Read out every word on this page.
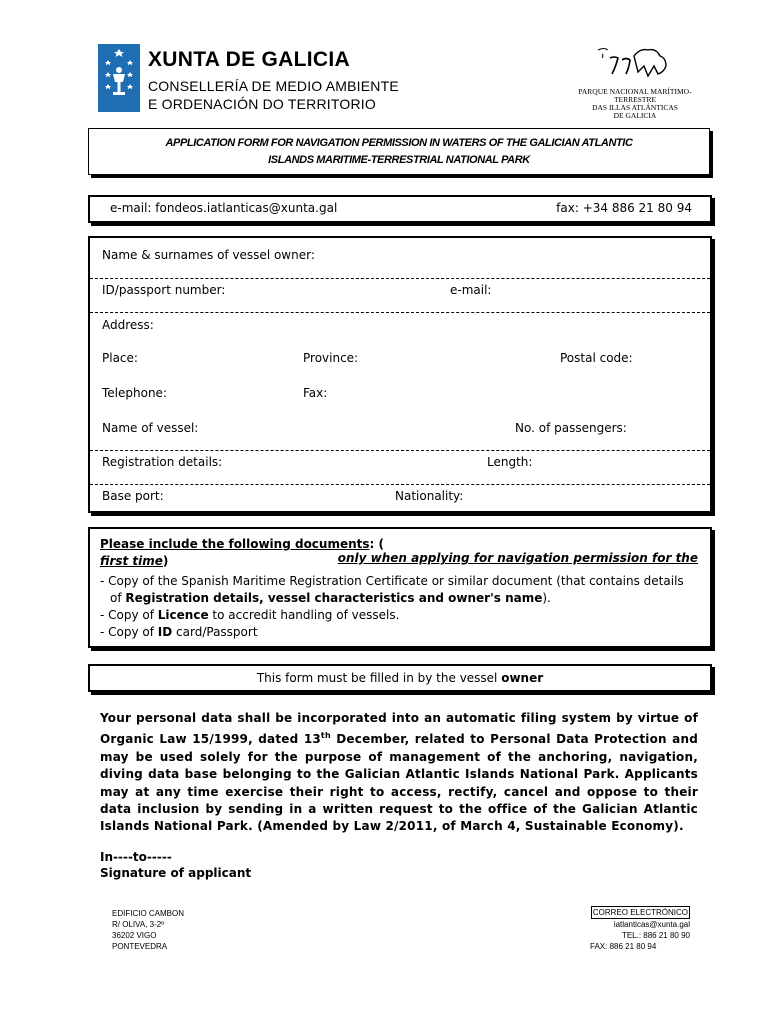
XUNTA DE GALICIA
CONSELLERÍA DE MEDIO AMBIENTE
E ORDENACIÓN DO TERRITORIO
PARQUE NACIONAL MARÍTIMO-TERRESTRE
DAS ILLAS ATLÁNTICAS
DE GALICIA
APPLICATION FORM FOR NAVIGATION PERMISSION IN WATERS OF THE GALICIAN ATLANTIC
ISLANDS MARITIME-TERRESTRIAL NATIONAL PARK
e-mail: fondeos.iatlanticas@xunta.gal	fax: +34 886 21 80 94
Name & surnames of vessel owner:
ID/passport number:	e-mail:
Address:
Place:	Province:	Postal code:
Telephone:	Fax:
Name of vessel:	No. of passengers:
Registration details:	Length:
Base port:	Nationality:
Please include the following documents: (
only when applying for navigation permission for the
first time)
- Copy of the Spanish Maritime Registration Certificate or similar document (that contains details
of Registration details, vessel characteristics and owner's name).
- Copy of Licence to accredit handling of vessels.
- Copy of ID card/Passport
This form must be filled in by the vessel owner
Your personal data shall be incorporated into an automatic filing system by virtue of Organic Law 15/1999, dated 13th December, related to Personal Data Protection and may be used solely for the purpose of management of the anchoring, navigation, diving data base belonging to the Galician Atlantic Islands National Park. Applicants may at any time exercise their right to access, rectify, cancel and oppose to their data inclusion by sending in a written request to the office of the Galician Atlantic Islands National Park. (Amended by Law 2/2011, of March 4, Sustainable Economy).
In----to-----
Signature of applicant
EDIFICIO CAMBON
R/ OLIVA, 3-2º
36202 VIGO
PONTEVEDRA
CORREO ELECTRÓNICO
iatlanticas@xunta.gal
TEL.: 886 21 80 90
FAX: 886 21 80 94
